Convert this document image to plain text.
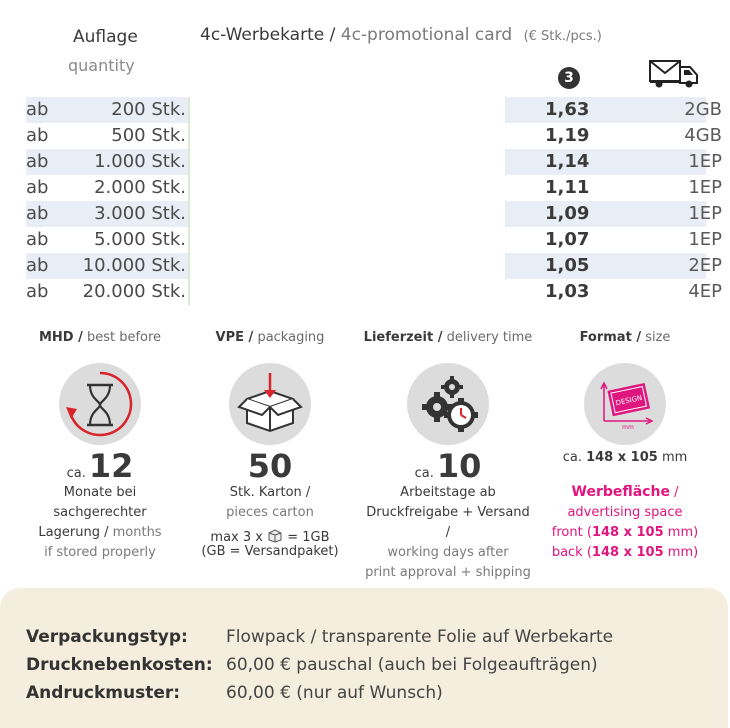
Auflage
quantity
4c-Werbekarte / 4c-promotional card (€ Stk./pcs.)
3
ab	200 Stk.	1,63	2GB
ab	500 Stk.	1,19	4GB
ab	1.000 Stk.	1,14	1EP
ab	2.000 Stk.	1,11	1EP
ab	3.000 Stk.	1,09	1EP
ab	5.000 Stk.	1,07	1EP
ab 10.000 Stk.	1,05	2EP
ab 20.000 Stk.	1,03	4EP
MHD / best before
ca.12
Monate bei
sachgerechter
Lagerung / months
if stored properly
VPE / packaging
50
Stk. Karton /
pieces carton
max 3 x = 1GB
(GB = Versandpaket)
Lieferzeit / delivery time
ca.10
Arbeitstage ab
Druckfreigabe + Versand /
working days after
print approval + shipping
Format / size
DESIGN
mm
ca. 148 x 105 mm
Werbefläche /
advertising space
front (148 x 105 mm)
back (148 x 105 mm)
Verpackungstyp: Flowpack / transparente Folie auf Werbekarte
Drucknebenkosten: 60,00 € pauschal (auch bei Folgeaufträgen)
Andruckmuster:	60,00 € (nur auf Wunsch)
